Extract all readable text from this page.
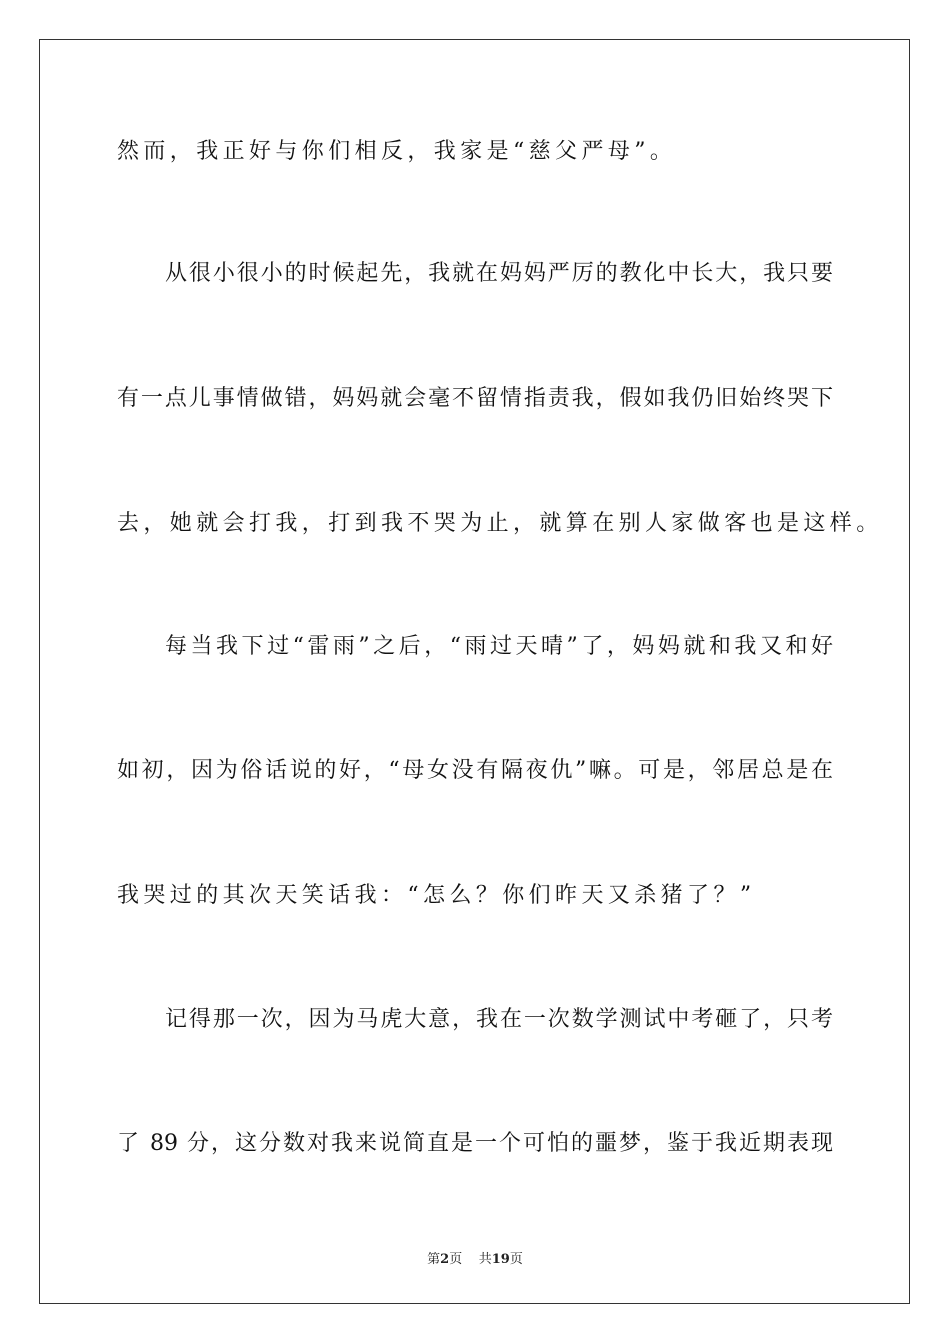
然而，我正好与你们相反，我家是“慈父严母”。
从很小很小的时候起先，我就在妈妈严厉的教化中长大，我只要
有一点儿事情做错，妈妈就会毫不留情指责我，假如我仍旧始终哭下
去，她就会打我，打到我不哭为止，就算在别人家做客也是这样。
每当我下过“雷雨”之后，“雨过天晴”了，妈妈就和我又和好
如初，因为俗话说的好，“母女没有隔夜仇”嘛。可是，邻居总是在
我哭过的其次天笑话我：“怎么？你们昨天又杀猪了？”
记得那一次，因为马虎大意，我在一次数学测试中考砸了，只考
了 89 分，这分数对我来说简直是一个可怕的噩梦，鉴于我近期表现
第2页 共19页
